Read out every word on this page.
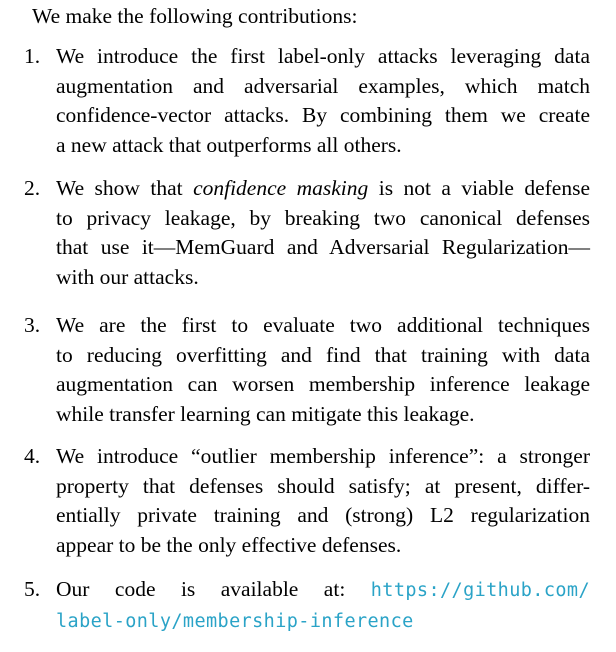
We make the following contributions:
1. We introduce the first label-only attacks leveraging data
augmentation and adversarial examples, which match
confidence-vector attacks. By combining them we create
a new attack that outperforms all others.
2. We show that confidence masking is not a viable defense
to privacy leakage, by breaking two canonical defenses
that use it—MemGuard and Adversarial Regularization—
with our attacks.
3. We are the first to evaluate two additional techniques
to reducing overfitting and find that training with data
augmentation can worsen membership inference leakage
while transfer learning can mitigate this leakage.
4. We introduce “outlier membership inference”: a stronger
property that defenses should satisfy; at present, differ-
entially private training and (strong) L2 regularization
appear to be the only effective defenses.
5. Our code is available at: https://github.com/
label-only/membership-inference
